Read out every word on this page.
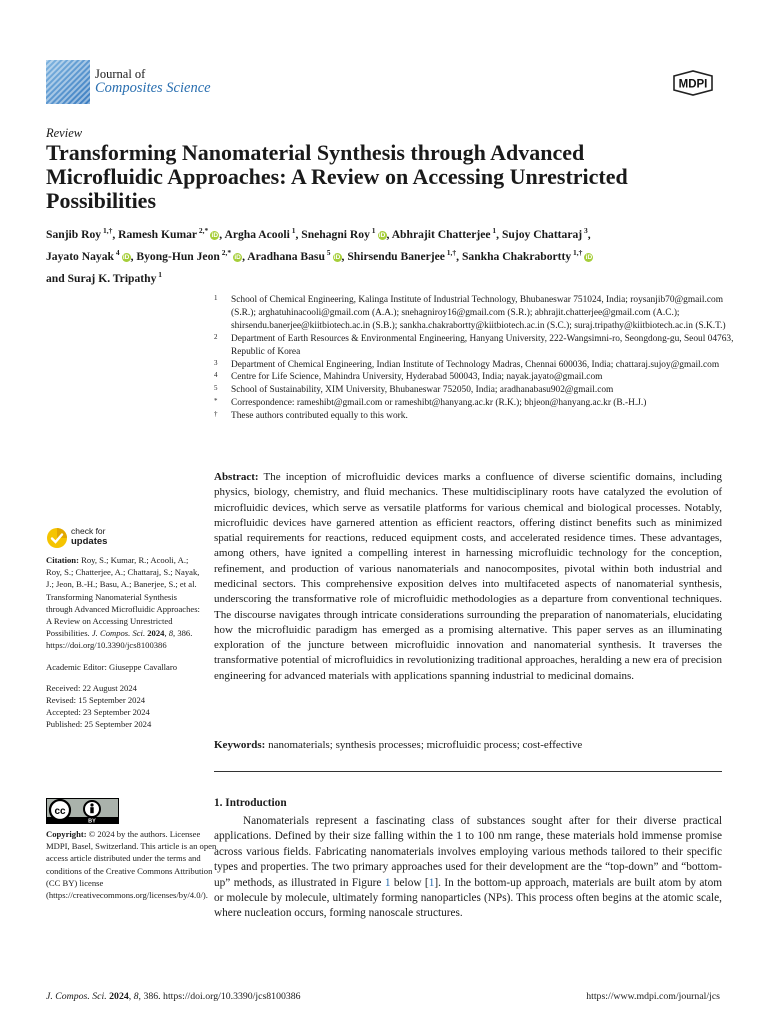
Journal of
Composites Science	MDPI
Review
Transforming Nanomaterial Synthesis through Advanced Microfluidic Approaches: A Review on Accessing Unrestricted Possibilities
Sanjib Roy $^{1,\dagger}$, Ramesh Kumar $^{2,*}$iD, Argha Acooli $^1$, Snehagni Roy $^1$iD, Abhrajit Chatterjee $^1$, Sujoy Chattaraj $^3$,
Jayato Nayak $^4$iD, Byong-Hun Jeon $^{2,*}$iD, Aradhana Basu $^5$iD, Shirsendu Banerjee $^{1,\dagger}$, Sankha Chakrabortty $^{1,\dagger}$iD
and Suraj K. Tripathy $^1$
1 School of Chemical Engineering, Kalinga Institute of Industrial Technology, Bhubaneswar 751024, India; roysanjib70@gmail.com (S.R.); arghatuhinacooli@gmail.com (A.A.); snehagniroy16@gmail.com (S.R.); abhrajit.chatterjee@gmail.com (A.C.); shirsendu.banerjee@kiitbiotech.ac.in (S.B.); sankha.chakrabortty@kiitbiotech.ac.in (S.C.); suraj.tripathy@kiitbiotech.ac.in (S.K.T.)
2 Department of Earth Resources & Environmental Engineering, Hanyang University, 222-Wangsimni-ro, Seongdong-gu, Seoul 04763, Republic of Korea
3 Department of Chemical Engineering, Indian Institute of Technology Madras, Chennai 600036, India; chattaraj.sujoy@gmail.com
4 Centre for Life Science, Mahindra University, Hyderabad 500043, India; nayak.jayato@gmail.com
5 School of Sustainability, XIM University, Bhubaneswar 752050, India; aradhanabasu902@gmail.com
* Correspondence: rameshibt@gmail.com or rameshibt@hanyang.ac.kr (R.K.); bhjeon@hanyang.ac.kr (B.-H.J.)
† These authors contributed equally to this work.

Abstract: The inception of microfluidic devices marks a confluence of diverse scientific domains, including physics, biology, chemistry, and fluid mechanics. These multidisciplinary roots have catalyzed the evolution of microfluidic devices, which serve as versatile platforms for various chemical and biological processes. Notably, microfluidic devices have garnered attention as efficient reactors, offering distinct benefits such as minimized spatial requirements for reactions, reduced equipment costs, and accelerated residence times. These advantages, among others, have ignited a compelling interest in harnessing microfluidic technology for the conception, refinement, and production of various nanomaterials and nanocomposites, pivotal within both industrial and medicinal sectors. This comprehensive exposition delves into multifaceted aspects of nanomaterial synthesis, underscoring the transformative role of microfluidic methodologies as a departure from conventional techniques. The discourse navigates through intricate considerations surrounding the preparation of nanomaterials, elucidating how the microfluidic paradigm has emerged as a promising alternative. This paper serves as an illuminating exploration of the juncture between microfluidic innovation and nanomaterial synthesis. It traverses the transformative potential of microfluidics in revolutionizing traditional approaches, heralding a new era of precision engineering for advanced materials with applications spanning industrial to medicinal domains.

Keywords: nanomaterials; synthesis processes; microfluidic process; cost-effective
1. Introduction

Nanomaterials represent a fascinating class of substances sought after for their diverse practical applications. Defined by their size falling within the 1 to 100 nm range, these materials hold immense promise across various fields. Fabricating nanomaterials involves employing various methods tailored to their specific types and properties. The two primary approaches used for their development are the “top-down” and “bottom-up” methods, as illustrated in Figure 1 below [1]. In the bottom-up approach, materials are built atom by atom or molecule by molecule, ultimately forming nanoparticles (NPs). This process often begins at the atomic scale, where nucleation occurs, forming nanoscale structures.

check for
updates

Citation: Roy, S.; Kumar, R.; Acooli, A.; Roy, S.; Chatterjee, A.; Chattaraj, S.; Nayak, J.; Jeon, B.-H.; Basu, A.; Banerjee, S.; et al. Transforming Nanomaterial Synthesis through Advanced Microfluidic Approaches: A Review on Accessing Unrestricted Possibilities. J. Compos. Sci. 2024, 8, 386. https://doi.org/10.3390/jcs8100386

Academic Editor: Giuseppe Cavallaro

Received: 22 August 2024

Revised: 15 September 2024

Accepted: 23 September 2024

Published: 25 September 2024

cc
BY
Copyright: © 2024 by the authors. Licensee MDPI, Basel, Switzerland. This article is an open access article distributed under the terms and conditions of the Creative Commons Attribution (CC BY) license (https://creativecommons.org/licenses/by/4.0/).
J. Compos. Sci. 2024, 8, 386. https://doi.org/10.3390/jcs8100386	https://www.mdpi.com/journal/jcs
